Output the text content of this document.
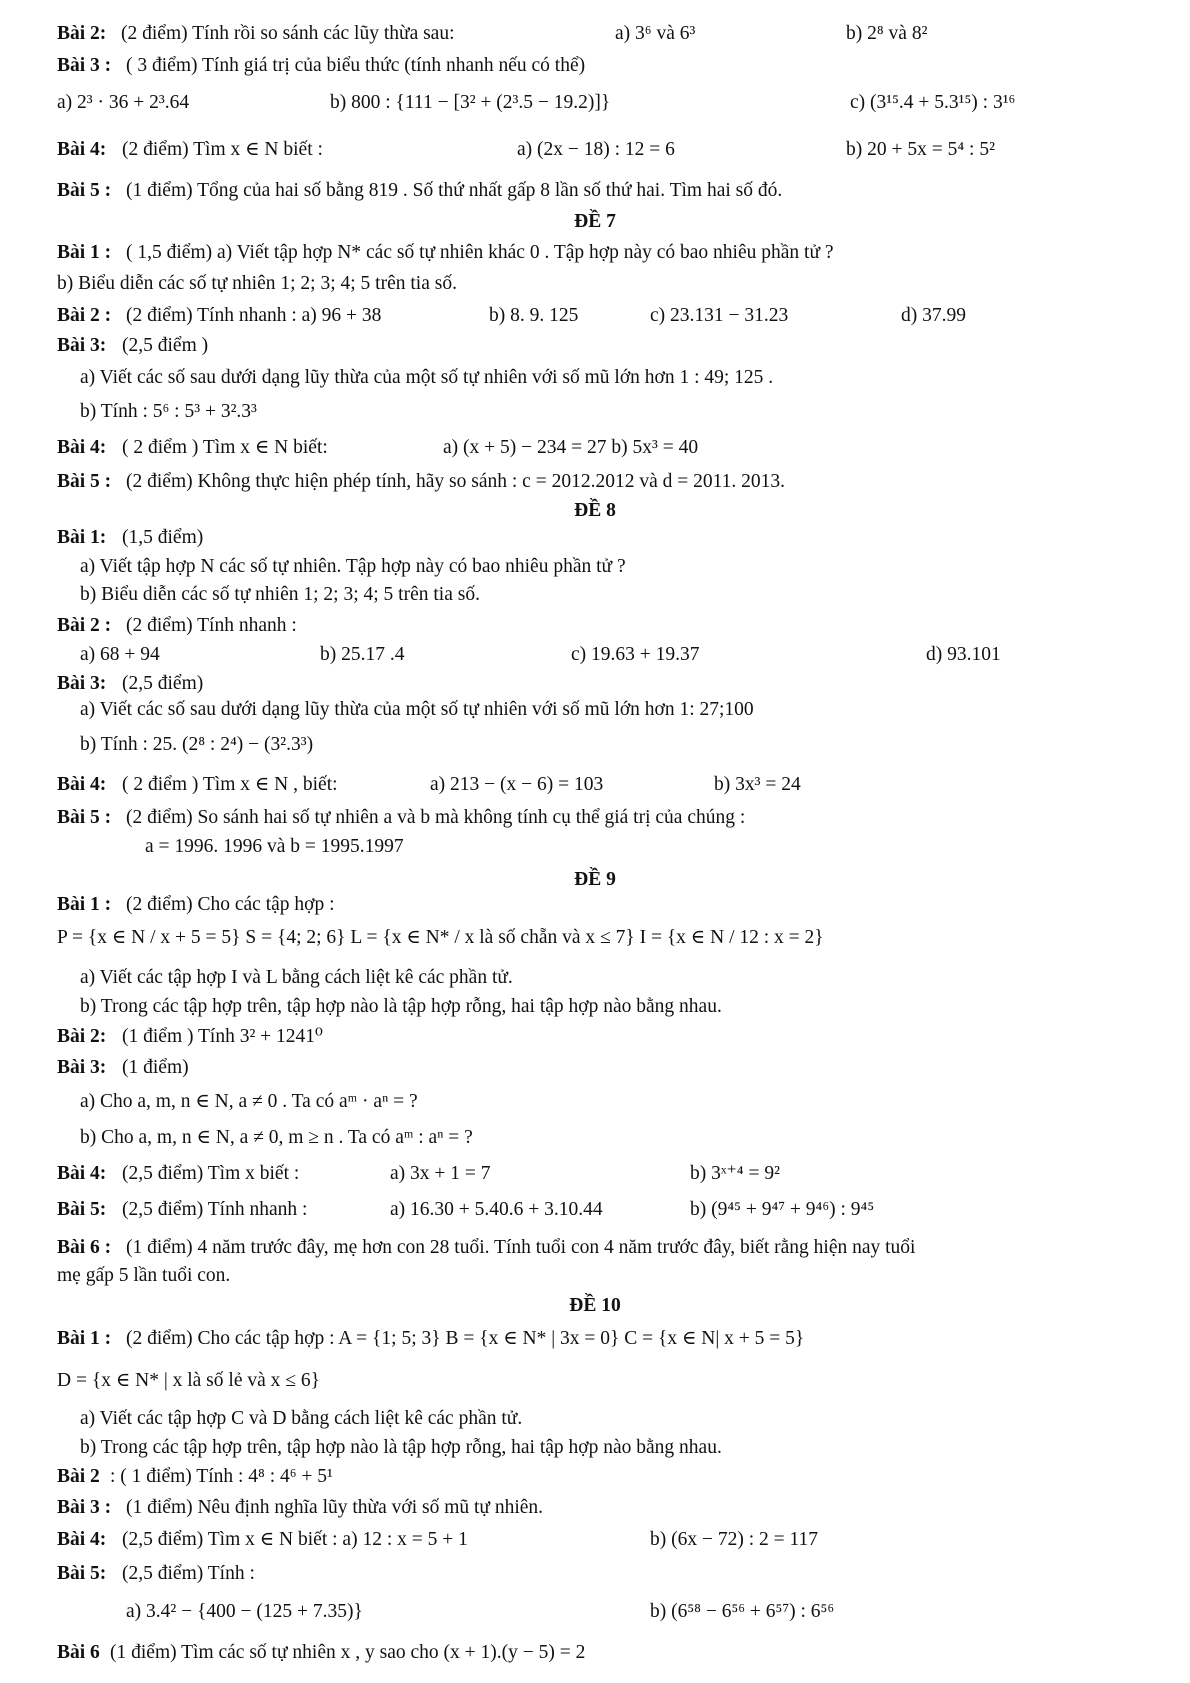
Bài 2: (2 điểm) Tính rồi so sánh các lũy thừa sau:	a) 3⁶ và 6³	b) 2⁸ và 8²
Bài 3 : ( 3 điểm) Tính giá trị của biểu thức (tính nhanh nếu có thể)
a) 2³ · 36 + 2³.64	b) 800 : {111 − [3² + (2³.5 − 19.2)]}	c) (3¹⁵.4 + 5.3¹⁵) : 3¹⁶
Bài 4: (2 điểm) Tìm x ∈ N biết :	a) (2x − 18) : 12 = 6	b) 20 + 5x = 5⁴ : 5²
Bài 5 : (1 điểm) Tổng của hai số bằng 819 . Số thứ nhất gấp 8 lần số thứ hai. Tìm hai số đó.
ĐỀ 7
Bài 1 : ( 1,5 điểm) a) Viết tập hợp N* các số tự nhiên khác 0 . Tập hợp này có bao nhiêu phần tử ?
b) Biểu diễn các số tự nhiên 1; 2; 3; 4; 5 trên tia số.
Bài 2 : (2 điểm) Tính nhanh : a) 96 + 38	b) 8. 9. 125	c) 23.131 − 31.23	d) 37.99
Bài 3: (2,5 điểm )
a) Viết các số sau dưới dạng lũy thừa của một số tự nhiên với số mũ lớn hơn 1 : 49; 125 .
b) Tính : 5⁶ : 5³ + 3².3³
Bài 4: ( 2 điểm ) Tìm x ∈ N biết:	a) (x + 5) − 234 = 27 b) 5x³ = 40
Bài 5 : (2 điểm) Không thực hiện phép tính, hãy so sánh : c = 2012.2012 và d = 2011. 2013.
ĐỀ 8
Bài 1: (1,5 điểm)
a) Viết tập hợp N các số tự nhiên. Tập hợp này có bao nhiêu phần tử ?
b) Biểu diễn các số tự nhiên 1; 2; 3; 4; 5 trên tia số.
Bài 2 : (2 điểm) Tính nhanh :
a) 68 + 94	b) 25.17 .4	c) 19.63 + 19.37	d) 93.101
Bài 3: (2,5 điểm)
a) Viết các số sau dưới dạng lũy thừa của một số tự nhiên với số mũ lớn hơn 1: 27;100
b) Tính : 25. (2⁸ : 2⁴) − (3².3³)
Bài 4: ( 2 điểm ) Tìm x ∈ N , biết:	a) 213 − (x − 6) = 103	b) 3x³ = 24
Bài 5 : (2 điểm) So sánh hai số tự nhiên a và b mà không tính cụ thể giá trị của chúng :
a = 1996. 1996 và b = 1995.1997
ĐỀ 9
Bài 1 : (2 điểm) Cho các tập hợp :
P = {x ∈ N / x + 5 = 5} S = {4; 2; 6} L = {x ∈ N* / x là số chẵn và x ≤ 7} I = {x ∈ N / 12 : x = 2}
a) Viết các tập hợp I và L bằng cách liệt kê các phần tử.
b) Trong các tập hợp trên, tập hợp nào là tập hợp rỗng, hai tập hợp nào bằng nhau.
Bài 2: (1 điểm ) Tính 3² + 1241⁰
Bài 3: (1 điểm)
a) Cho a, m, n ∈ N, a ≠ 0 . Ta có aᵐ · aⁿ = ?
b) Cho a, m, n ∈ N, a ≠ 0, m ≥ n . Ta có aᵐ : aⁿ = ?
Bài 4: (2,5 điểm) Tìm x biết :	a) 3x + 1 = 7	b) 3ˣ⁺⁴ = 9²
Bài 5: (2,5 điểm) Tính nhanh :	a) 16.30 + 5.40.6 + 3.10.44	b) (9⁴⁵ + 9⁴⁷ + 9⁴⁶) : 9⁴⁵
Bài 6 : (1 điểm) 4 năm trước đây, mẹ hơn con 28 tuổi. Tính tuổi con 4 năm trước đây, biết rằng hiện nay tuổi
mẹ gấp 5 lần tuổi con.
ĐỀ 10
Bài 1 : (2 điểm) Cho các tập hợp : A = {1; 5; 3} B = {x ∈ N* | 3x = 0} C = {x ∈ N| x + 5 = 5}
D = {x ∈ N* | x là số lẻ và x ≤ 6}
a) Viết các tập hợp C và D bằng cách liệt kê các phần tử.
b) Trong các tập hợp trên, tập hợp nào là tập hợp rỗng, hai tập hợp nào bằng nhau.
Bài 2 : ( 1 điểm) Tính : 4⁸ : 4⁶ + 5¹
Bài 3 : (1 điểm) Nêu định nghĩa lũy thừa với số mũ tự nhiên.
Bài 4: (2,5 điểm) Tìm x ∈ N biết : a) 12 : x = 5 + 1	b) (6x − 72) : 2 = 117
Bài 5: (2,5 điểm) Tính :
a) 3.4² − {400 − (125 + 7.35)}	b) (6⁵⁸ − 6⁵⁶ + 6⁵⁷) : 6⁵⁶
Bài 6 (1 điểm) Tìm các số tự nhiên x , y sao cho (x + 1).(y − 5) = 2
